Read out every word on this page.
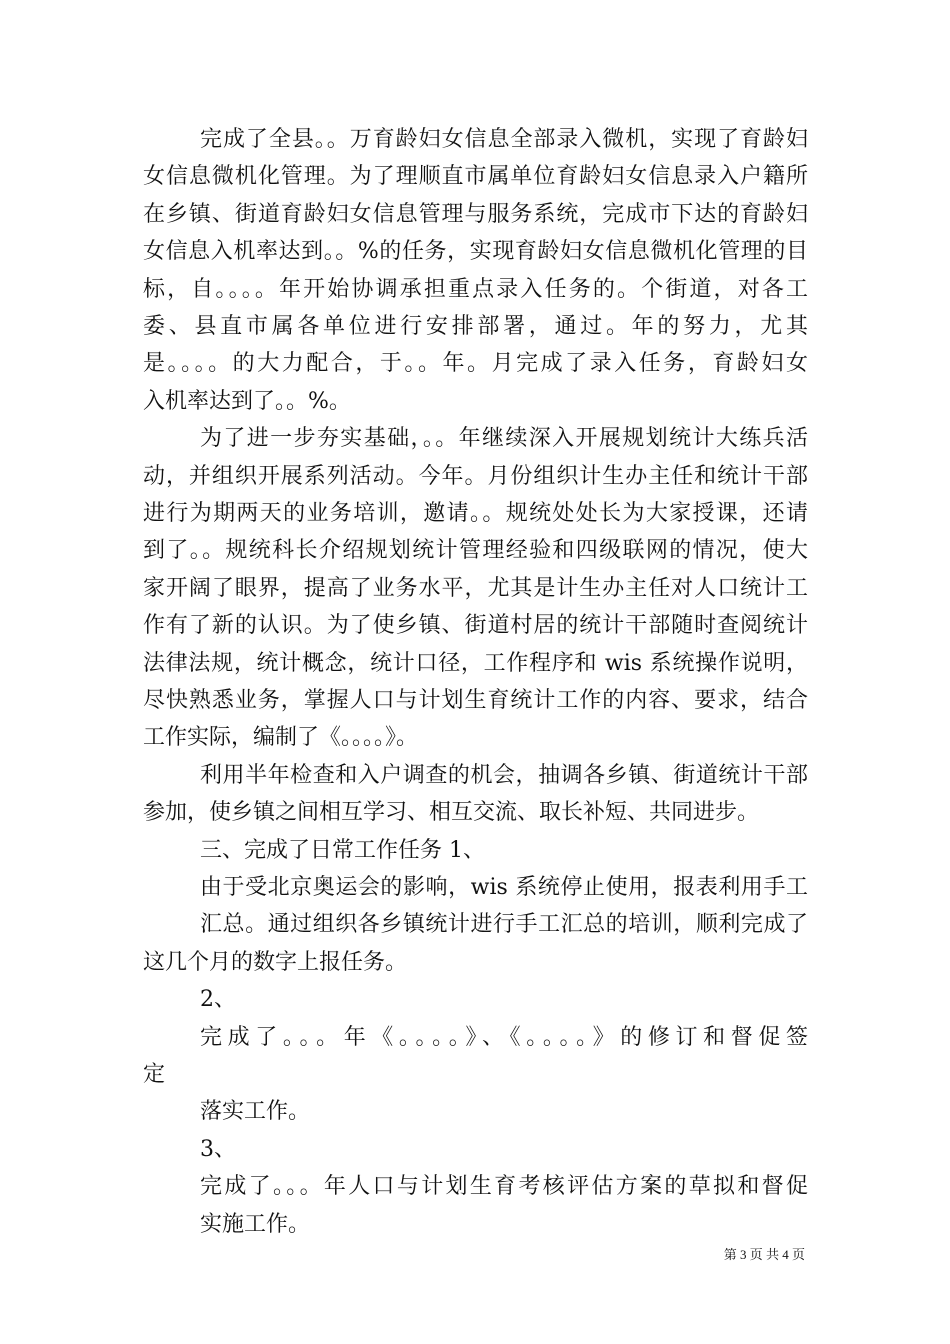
完成了全县。。万育龄妇女信息全部录入微机，实现了育龄妇
女信息微机化管理。为了理顺直市属单位育龄妇女信息录入户籍所
在乡镇、街道育龄妇女信息管理与服务系统，完成市下达的育龄妇
女信息入机率达到。。%的任务，实现育龄妇女信息微机化管理的目
标，自。。。。年开始协调承担重点录入任务的。个街道，对各工
委、县直市属各单位进行安排部署，通过。年的努力，尤其
是。。。。的大力配合，于。。年。月完成了录入任务，育龄妇女
入机率达到了。。%。
为了进一步夯实基础，。。年继续深入开展规划统计大练兵活
动，并组织开展系列活动。今年。月份组织计生办主任和统计干部
进行为期两天的业务培训，邀请。。规统处处长为大家授课，还请
到了。。规统科长介绍规划统计管理经验和四级联网的情况，使大
家开阔了眼界，提高了业务水平，尤其是计生办主任对人口统计工
作有了新的认识。为了使乡镇、街道村居的统计干部随时查阅统计
法律法规，统计概念，统计口径，工作程序和 wis 系统操作说明，
尽快熟悉业务，掌握人口与计划生育统计工作的内容、要求，结合
工作实际，编制了《。。。。》。
利用半年检查和入户调查的机会，抽调各乡镇、街道统计干部
参加，使乡镇之间相互学习、相互交流、取长补短、共同进步。
三、完成了日常工作任务 1、
由于受北京奥运会的影响，wis 系统停止使用，报表利用手工
汇总。通过组织各乡镇统计进行手工汇总的培训，顺利完成了
这几个月的数字上报任务。
2、
完成了。。。年《。。。。》、《。。。。》的修订和督促签
定
落实工作。
3、
完成了。。。年人口与计划生育考核评估方案的草拟和督促
实施工作。
第 3 页 共 4 页
